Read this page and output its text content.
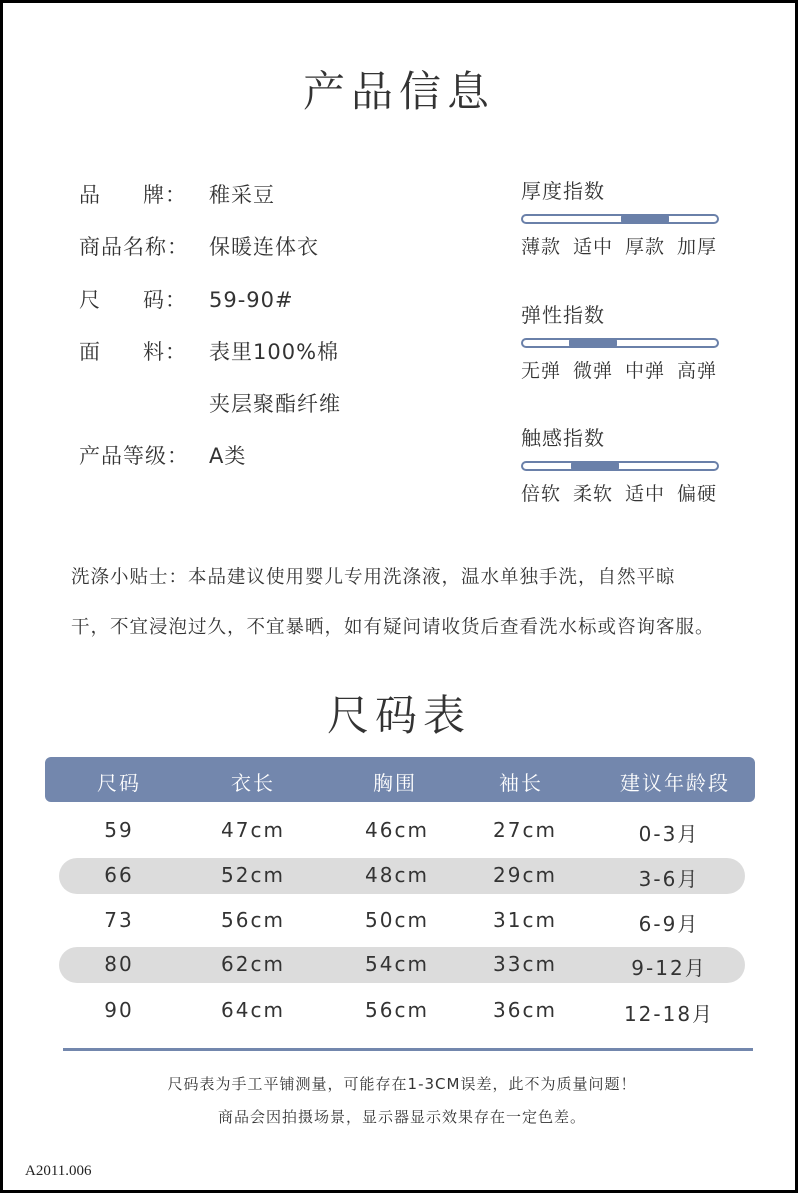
产品信息
品 牌： 稚采豆
商品名称： 保暖连体衣
尺 码： 59-90#
面 料： 表里100%棉
夹层聚酯纤维
产品等级： A类
厚度指数
薄款 适中 厚款 加厚
弹性指数
无弹 微弹 中弹 高弹
触感指数
倍软 柔软 适中 偏硬
洗涤小贴士：本品建议使用婴儿专用洗涤液，温水单独手洗，自然平晾
干，不宜浸泡过久，不宜暴晒，如有疑问请收货后查看洗水标或咨询客服。
尺码表
尺码	衣长	胸围	袖长	建议年龄段
59	47cm	46cm	27cm	0-3月
66	52cm	48cm	29cm	3-6月
73	56cm	50cm	31cm	6-9月
80	62cm	54cm	33cm	9-12月
90	64cm	56cm	36cm	12-18月
尺码表为手工平铺测量，可能存在1-3CM误差，此不为质量问题！
商品会因拍摄场景，显示器显示效果存在一定色差。
A2011.006
